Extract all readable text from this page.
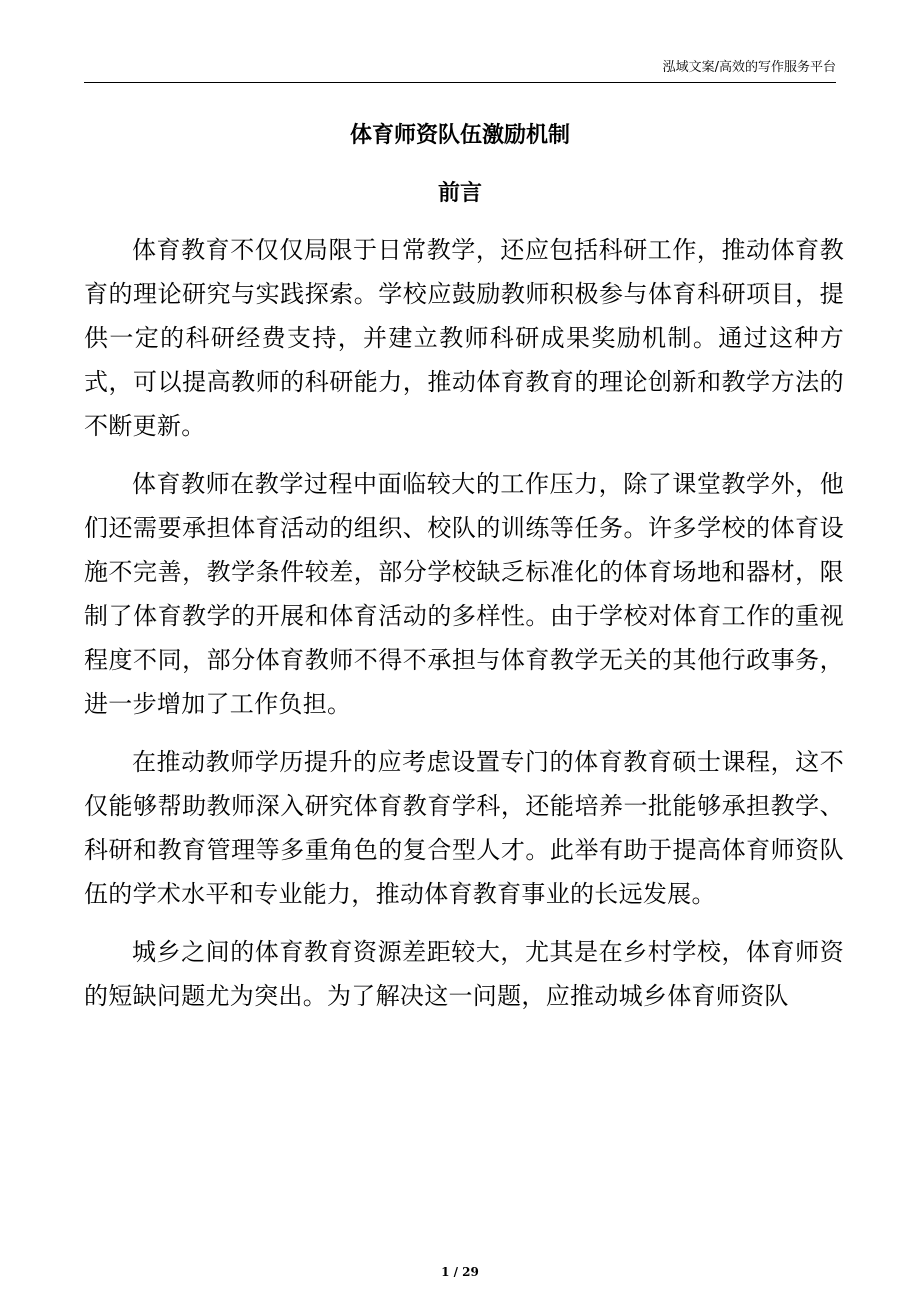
泓域文案/高效的写作服务平台
体育师资队伍激励机制
前言

体育教育不仅仅局限于日常教学，还应包括科研工作，推动体育教育的理论研究与实践探索。学校应鼓励教师积极参与体育科研项目，提供一定的科研经费支持，并建立教师科研成果奖励机制。通过这种方式，可以提高教师的科研能力，推动体育教育的理论创新和教学方法的不断更新。

体育教师在教学过程中面临较大的工作压力，除了课堂教学外，他们还需要承担体育活动的组织、校队的训练等任务。许多学校的体育设施不完善，教学条件较差，部分学校缺乏标准化的体育场地和器材，限制了体育教学的开展和体育活动的多样性。由于学校对体育工作的重视程度不同，部分体育教师不得不承担与体育教学无关的其他行政事务，进一步增加了工作负担。

在推动教师学历提升的应考虑设置专门的体育教育硕士课程，这不仅能够帮助教师深入研究体育教育学科，还能培养一批能够承担教学、科研和教育管理等多重角色的复合型人才。此举有助于提高体育师资队伍的学术水平和专业能力，推动体育教育事业的长远发展。

城乡之间的体育教育资源差距较大，尤其是在乡村学校，体育师资的短缺问题尤为突出。为了解决这一问题，应推动城乡体育师资队

1 / 29
